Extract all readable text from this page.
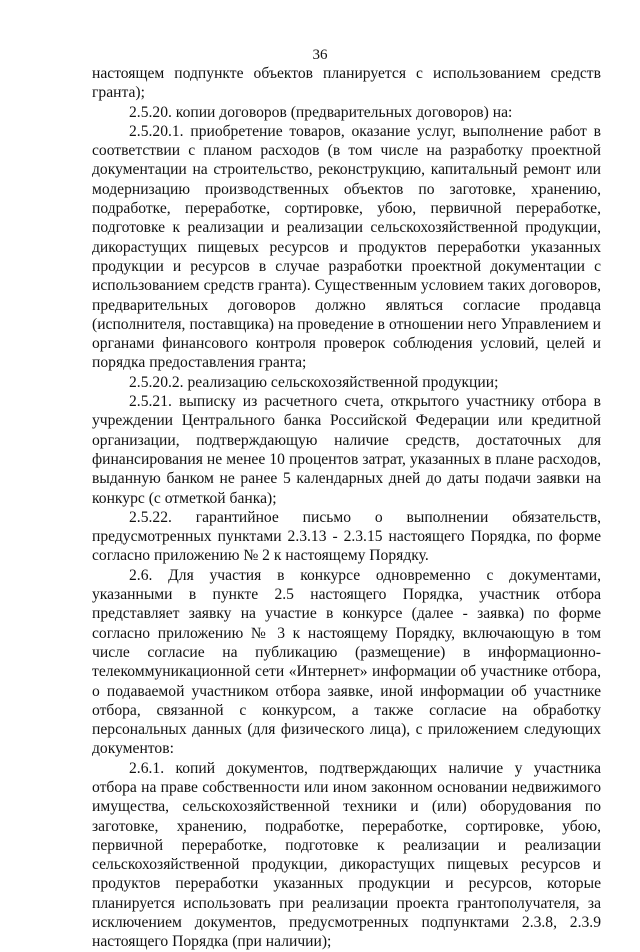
36

настоящем подпункте объектов планируется с использованием средств гранта);

2.5.20. копии договоров (предварительных договоров) на:

2.5.20.1. приобретение товаров, оказание услуг, выполнение работ в соответствии с планом расходов (в том числе на разработку проектной документации на строительство, реконструкцию, капитальный ремонт или модернизацию производственных объектов по заготовке, хранению, подработке, переработке, сортировке, убою, первичной переработке, подготовке к реализации и реализации сельскохозяйственной продукции, дикорастущих пищевых ресурсов и продуктов переработки указанных продукции и ресурсов в случае разработки проектной документации с использованием средств гранта). Существенным условием таких договоров, предварительных договоров должно являться согласие продавца (исполнителя, поставщика) на проведение в отношении него Управлением и органами финансового контроля проверок соблюдения условий, целей и порядка предоставления гранта;

2.5.20.2. реализацию сельскохозяйственной продукции;

2.5.21. выписку из расчетного счета, открытого участнику отбора в учреждении Центрального банка Российской Федерации или кредитной организации, подтверждающую наличие средств, достаточных для финансирования не менее 10 процентов затрат, указанных в плане расходов, выданную банком не ранее 5 календарных дней до даты подачи заявки на конкурс (с отметкой банка);

2.5.22. гарантийное письмо о выполнении обязательств, предусмотренных пунктами 2.3.13 - 2.3.15 настоящего Порядка, по форме согласно приложению № 2 к настоящему Порядку.

2.6. Для участия в конкурсе одновременно с документами, указанными в пункте 2.5 настоящего Порядка, участник отбора представляет заявку на участие в конкурсе (далее - заявка) по форме согласно приложению № 3 к настоящему Порядку, включающую в том числе согласие на публикацию (размещение) в информационно-телекоммуникационной сети «Интернет» информации об участнике отбора, о подаваемой участником отбора заявке, иной информации об участнике отбора, связанной с конкурсом, а также согласие на обработку персональных данных (для физического лица), с приложением следующих документов:

2.6.1. копий документов, подтверждающих наличие у участника отбора на праве собственности или ином законном основании недвижимого имущества, сельскохозяйственной техники и (или) оборудования по заготовке, хранению, подработке, переработке, сортировке, убою, первичной переработке, подготовке к реализации и реализации сельскохозяйственной продукции, дикорастущих пищевых ресурсов и продуктов переработки указанных продукции и ресурсов, которые планируется использовать при реализации проекта грантополучателя, за исключением документов, предусмотренных подпунктами 2.3.8, 2.3.9 настоящего Порядка (при наличии);
